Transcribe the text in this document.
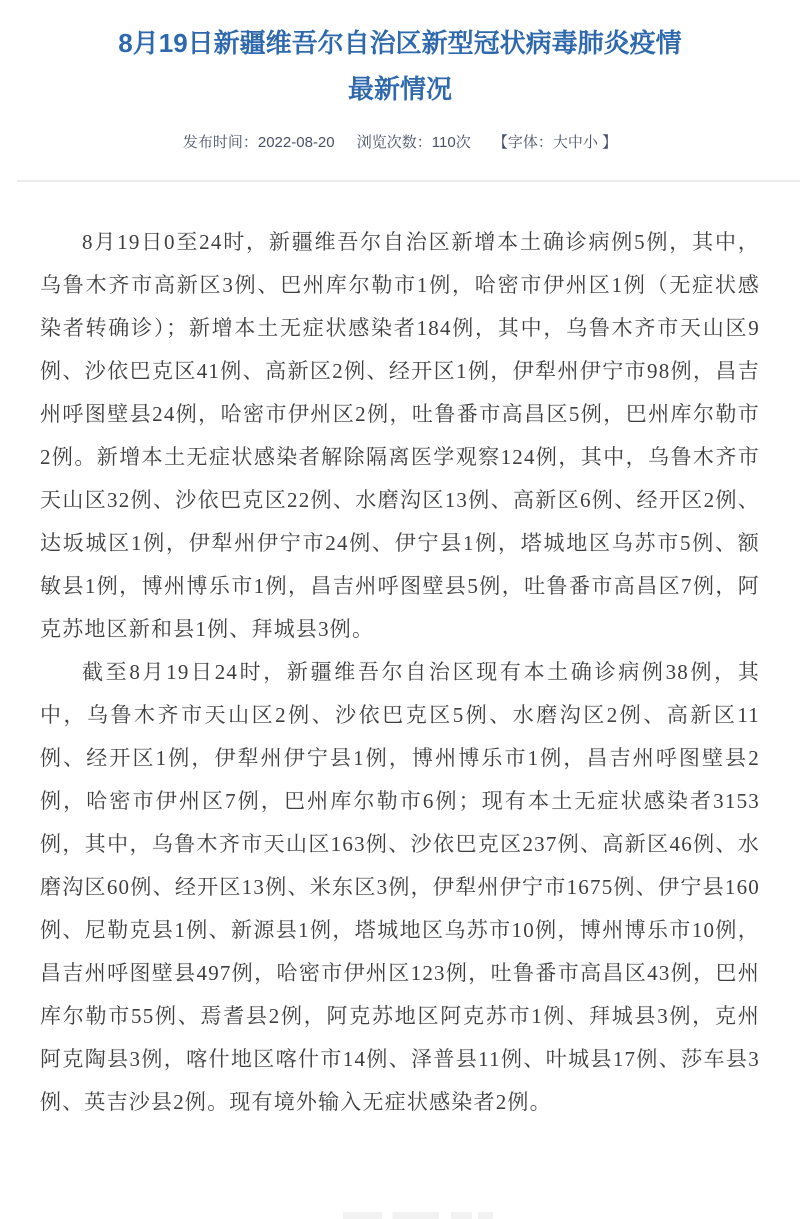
8月19日新疆维吾尔自治区新型冠状病毒肺炎疫情
最新情况
发布时间：2022-08-20 浏览次数：110次 【字体：大中小 】

8月19日0至24时，新疆维吾尔自治区新增本土确诊病例5例，其中，乌鲁木齐市高新区3例、巴州库尔勒市1例，哈密市伊州区1例（无症状感染者转确诊）；新增本土无症状感染者184例，其中，乌鲁木齐市天山区9例、沙依巴克区41例、高新区2例、经开区1例，伊犁州伊宁市98例，昌吉州呼图壁县24例，哈密市伊州区2例，吐鲁番市高昌区5例，巴州库尔勒市2例。新增本土无症状感染者解除隔离医学观察124例，其中，乌鲁木齐市天山区32例、沙依巴克区22例、水磨沟区13例、高新区6例、经开区2例、达坂城区1例，伊犁州伊宁市24例、伊宁县1例，塔城地区乌苏市5例、额敏县1例，博州博乐市1例，昌吉州呼图壁县5例，吐鲁番市高昌区7例，阿克苏地区新和县1例、拜城县3例。

截至8月19日24时，新疆维吾尔自治区现有本土确诊病例38例，其中，乌鲁木齐市天山区2例、沙依巴克区5例、水磨沟区2例、高新区11例、经开区1例，伊犁州伊宁县1例，博州博乐市1例，昌吉州呼图壁县2例，哈密市伊州区7例，巴州库尔勒市6例；现有本土无症状感染者3153例，其中，乌鲁木齐市天山区163例、沙依巴克区237例、高新区46例、水磨沟区60例、经开区13例、米东区3例，伊犁州伊宁市1675例、伊宁县160例、尼勒克县1例、新源县1例，塔城地区乌苏市10例，博州博乐市10例，昌吉州呼图壁县497例，哈密市伊州区123例，吐鲁番市高昌区43例，巴州库尔勒市55例、焉耆县2例，阿克苏地区阿克苏市1例、拜城县3例，克州阿克陶县3例，喀什地区喀什市14例、泽普县11例、叶城县17例、莎车县3例、英吉沙县2例。现有境外输入无症状感染者2例。
